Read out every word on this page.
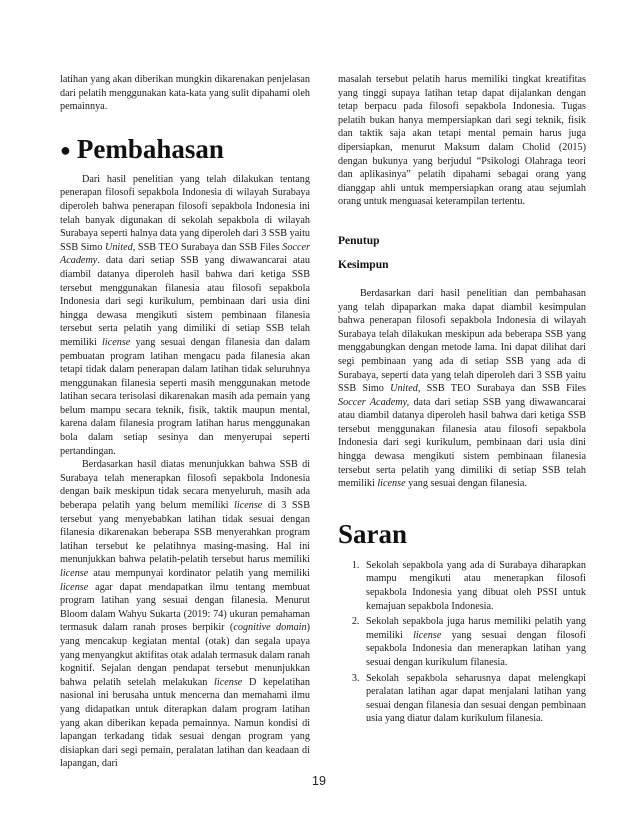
latihan yang akan diberikan mungkin dikarenakan penjelasan dari pelatih menggunakan kata-kata yang sulit dipahami oleh pemainnya.

● Pembahasan

Dari hasil penelitian yang telah dilakukan tentang penerapan filosofi sepakbola Indonesia di wilayah Surabaya diperoleh bahwa penerapan filosofi sepakbola Indonesia ini telah banyak digunakan di sekolah sepakbola di wilayah Surabaya seperti halnya data yang diperoleh dari 3 SSB yaitu SSB Simo United, SSB TEO Surabaya dan SSB Files Soccer Academy. data dari setiap SSB yang diwawancarai atau diambil datanya diperoleh hasil bahwa dari ketiga SSB tersebut menggunakan filanesia atau filosofi sepakbola Indonesia dari segi kurikulum, pembinaan dari usia dini hingga dewasa mengikuti sistem pembinaan filanesia tersebut serta pelatih yang dimiliki di setiap SSB telah memiliki license yang sesuai dengan filanesia dan dalam pembuatan program latihan mengacu pada filanesia akan tetapi tidak dalam penerapan dalam latihan tidak seluruhnya menggunakan filanesia seperti masih menggunakan metode latihan secara terisolasi dikarenakan masih ada pemain yang belum mampu secara teknik, fisik, taktik maupun mental, karena dalam filanesia program latihan harus menggunakan bola dalam setiap sesinya dan menyerupai seperti pertandingan.

Berdasarkan hasil diatas menunjukkan bahwa SSB di Surabaya telah menerapkan filosofi sepakbola Indonesia dengan baik meskipun tidak secara menyeluruh, masih ada beberapa pelatih yang belum memiliki license di 3 SSB tersebut yang menyebabkan latihan tidak sesuai dengan filanesia dikarenakan beberapa SSB menyerahkan program latihan tersebut ke pelatihnya masing-masing. Hal ini menunjukkan bahwa pelatih-pelatih tersebut harus memiliki license atau mempunyai kordinator pelatih yang memiliki license agar dapat mendapatkan ilmu tentang membuat program latihan yang sesuai dengan filanesia. Menurut Bloom dalam Wahyu Sukarta (2019: 74) ukuran pemahaman termasuk dalam ranah proses berpikir (cognitive domain) yang mencakup kegiatan mental (otak) dan segala upaya yang menyangkut aktifitas otak adalah termasuk dalam ranah kognitif. Sejalan dengan pendapat tersebut menunjukkan bahwa pelatih setelah melakukan license D kepelatihan nasional ini berusaha untuk mencerna dan memahami ilmu yang didapatkan untuk diterapkan dalam program latihan yang akan diberikan kepada pemainnya. Namun kondisi di lapangan terkadang tidak sesuai dengan program yang disiapkan dari segi pemain, peralatan latihan dan keadaan di lapangan, dari

masalah tersebut pelatih harus memiliki tingkat kreatifitas yang tinggi supaya latihan tetap dapat dijalankan dengan tetap berpacu pada filosofi sepakbola Indonesia. Tugas pelatih bukan hanya mempersiapkan dari segi teknik, fisik dan taktik saja akan tetapi mental pemain harus juga dipersiapkan, menurut Maksum dalam Cholid (2015) dengan bukunya yang berjudul “Psikologi Olahraga teori dan aplikasinya” pelatih dipahami sebagai orang yang dianggap ahli untuk mempersiapkan orang atau sejumlah orang untuk menguasai keterampilan tertentu.

Penutup
Kesimpun

Berdasarkan dari hasil penelitian dan pembahasan yang telah dipaparkan maka dapat diambil kesimpulan bahwa penerapan filosofi sepakbola Indonesia di wilayah Surabaya telah dilakukan meskipun ada beberapa SSB yang menggabungkan dengan metode lama. Ini dapat dilihat dari segi pembinaan yang ada di setiap SSB yang ada di Surabaya, seperti data yang telah diperoleh dari 3 SSB yaitu SSB Simo United, SSB TEO Surabaya dan SSB Files Soccer Academy, data dari setiap SSB yang diwawancarai atau diambil datanya diperoleh hasil bahwa dari ketiga SSB tersebut menggunakan filanesia atau filosofi sepakbola Indonesia dari segi kurikulum, pembinaan dari usia dini hingga dewasa mengikuti sistem pembinaan filanesia tersebut serta pelatih yang dimiliki di setiap SSB telah memiliki license yang sesuai dengan filanesia.

Saran
1. Sekolah sepakbola yang ada di Surabaya diharapkan mampu mengikuti atau menerapkan filosofi sepakbola Indonesia yang dibuat oleh PSSI untuk kemajuan sepakbola Indonesia.
2. Sekolah sepakbola juga harus memiliki pelatih yang memiliki license yang sesuai dengan filosofi sepakbola Indonesia dan menerapkan latihan yang sesuai dengan kurikulum filanesia.
3. Sekolah sepakbola seharusnya dapat melengkapi peralatan latihan agar dapat menjalani latihan yang sesuai dengan filanesia dan sesuai dengan pembinaan usia yang diatur dalam kurikulum filanesia.
19
